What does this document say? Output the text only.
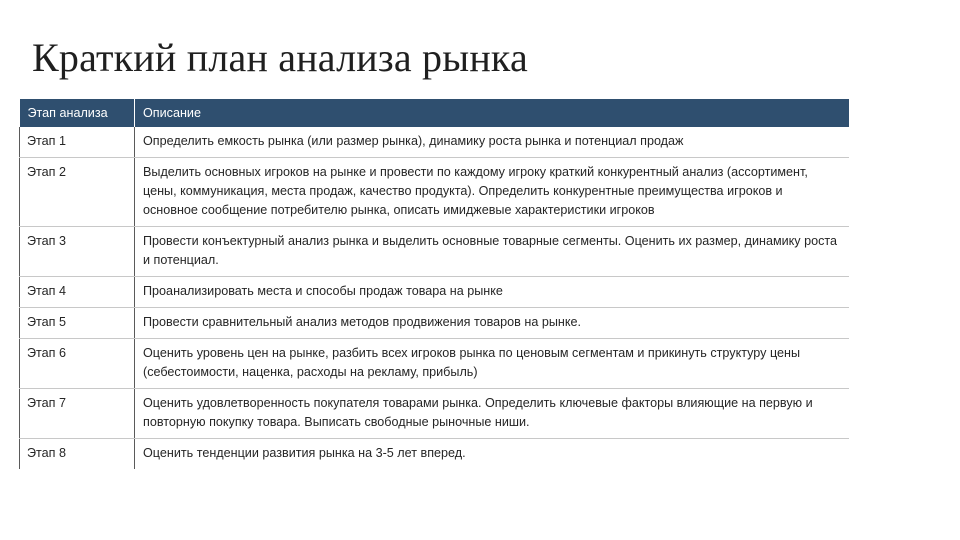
Краткий план анализа рынка
Этап анализа	Описание
Этап 1	Определить емкость рынка (или размер рынка), динамику роста рынка и потенциал продаж
Этап 2	Выделить основных игроков на рынке и провести по каждому игроку краткий конкурентный анализ (ассортимент, цены, коммуникация, места продаж, качество продукта). Определить конкурентные преимущества игроков и основное сообщение потребителю рынка, описать имиджевые характеристики игроков
Этап 3	Провести конъектурный анализ рынка и выделить основные товарные сегменты. Оценить их размер, динамику роста и потенциал.
Этап 4	Проанализировать места и способы продаж товара на рынке
Этап 5	Провести сравнительный анализ методов продвижения товаров на рынке.
Этап 6	Оценить уровень цен на рынке, разбить всех игроков рынка по ценовым сегментам и прикинуть структуру цены (себестоимости, наценка, расходы на рекламу, прибыль)
Этап 7	Оценить удовлетворенность покупателя товарами рынка. Определить ключевые факторы влияющие на первую и повторную покупку товара. Выписать свободные рыночные ниши.
Этап 8	Оценить тенденции развития рынка на 3-5 лет вперед.
